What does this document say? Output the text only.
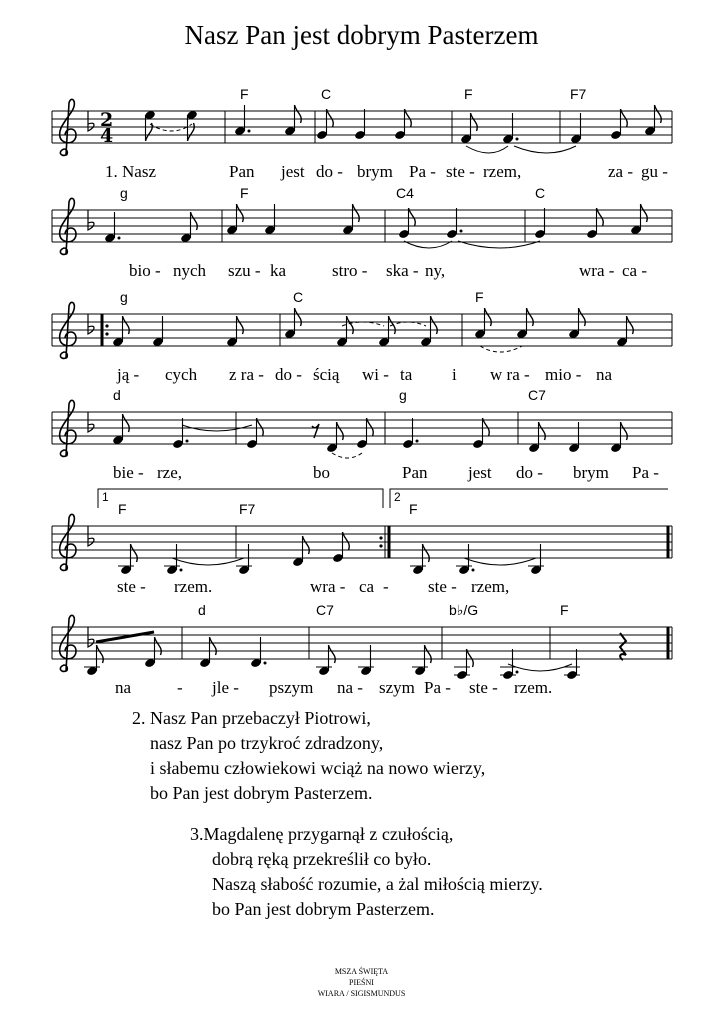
Nasz Pan jest dobrym Pasterzem
F	C	F	F7
1. Nasz	Pan jest do - brym Pa - ste - rzem,	za - gu -
2
4
g	F	C4	C
bio - nych szu - ka	stro - ska - ny,	wra - ca -
g	C	F
ją - cych z ra - do - ścią wi - ta i w ra - mio - na
d	g	C7
bie - rze,	bo	Pan jest do - brym Pa -
F	F7	F
ste - rzem.	wra - ca - ste - rzem,
1	2
d	C7	b♭/G	F
na	- jle - pszym na - szym Pa - ste - rzem.
2. Nasz Pan przebaczył Piotrowi,
nasz Pan po trzykroć zdradzony,
i słabemu człowiekowi wciąż na nowo wierzy,
bo Pan jest dobrym Pasterzem.
3.Magdalenę przygarnął z czułością,
dobrą ręką przekreślił co było.
Naszą słabość rozumie, a żal miłością mierzy.
bo Pan jest dobrym Pasterzem.
MSZA ŚWIĘTA
PIEŚNI
WIARA / SIGISMUNDUS
